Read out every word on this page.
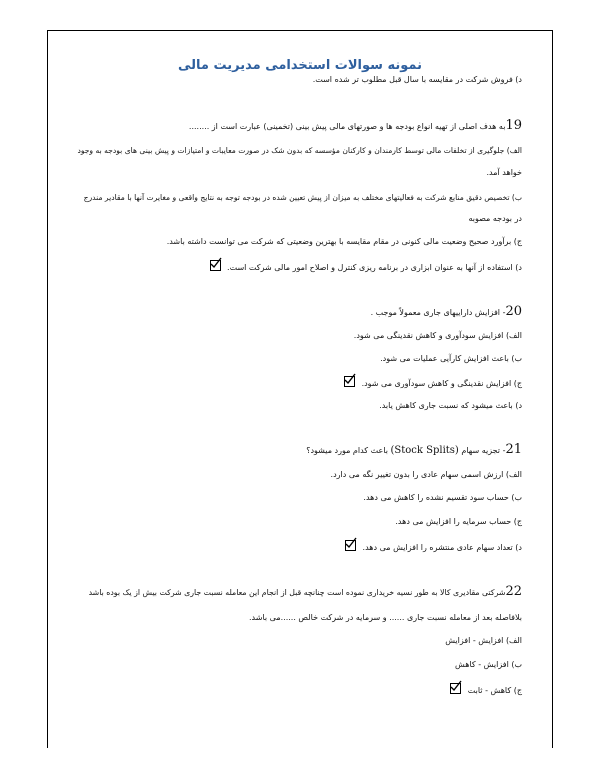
نمونه سوالات استخدامی مدیریت مالی
د) فروش شرکت در مقایسه با سال قبل مطلوب تر شده است.
19به هدف اصلی از تهیه انواع بودجه ها و صورتهای مالی پیش بینی (تخمینی) عبارت است از ........
الف) جلوگیری از تخلفات مالی توسط کارمندان و کارکنان مؤسسه که بدون شک در صورت معایبات و امتیازات و پیش بینی های بودجه به وجود
خواهد آمد.
ب) تخصیص دقیق منابع شرکت به فعالیتهای مختلف به میزان از پیش تعیین شده در بودجه توجه به نتایج واقعی و مغایرت آنها با مقادیر مندرج
در بودجه مصوبه
ج) برآورد صحیح وضعیت مالی کنونی در مقام مقایسه با بهترین وضعیتی که شرکت می توانست داشته باشد.
د) استفاده از آنها به عنوان ابزاری در برنامه ریزی کنترل و اصلاح امور مالی شرکت است.
20- افزایش داراییهای جاری معمولاً موجب .
الف) افزایش سودآوری و کاهش نقدینگی می شود.
ب) باعث افزایش کارآیی عملیات می شود.
ج) افزایش نقدینگی و کاهش سودآوری می شود.
د) باعث میشود که نسبت جاری کاهش یابد.
21- تجزیه سهام (Stock Splits) باعث کدام مورد میشود؟
الف) ارزش اسمی سهام عادی را بدون تغییر نگه می دارد.
ب) حساب سود تقسیم نشده را کاهش می دهد.
ج) حساب سرمایه را افزایش می دهد.
د) تعداد سهام عادی منتشره را افزایش می دهد.
22شرکتی مقادیری کالا به طور نسیه خریداری نموده است چنانچه قبل از انجام این معامله نسبت جاری شرکت بیش از یک بوده باشد
بلافاصله بعد از معامله نسبت جاری ...... و سرمایه در شرکت خالص ......می باشد.
الف) افزایش - افزایش
ب) افزایش - کاهش
ج) کاهش - ثابت
